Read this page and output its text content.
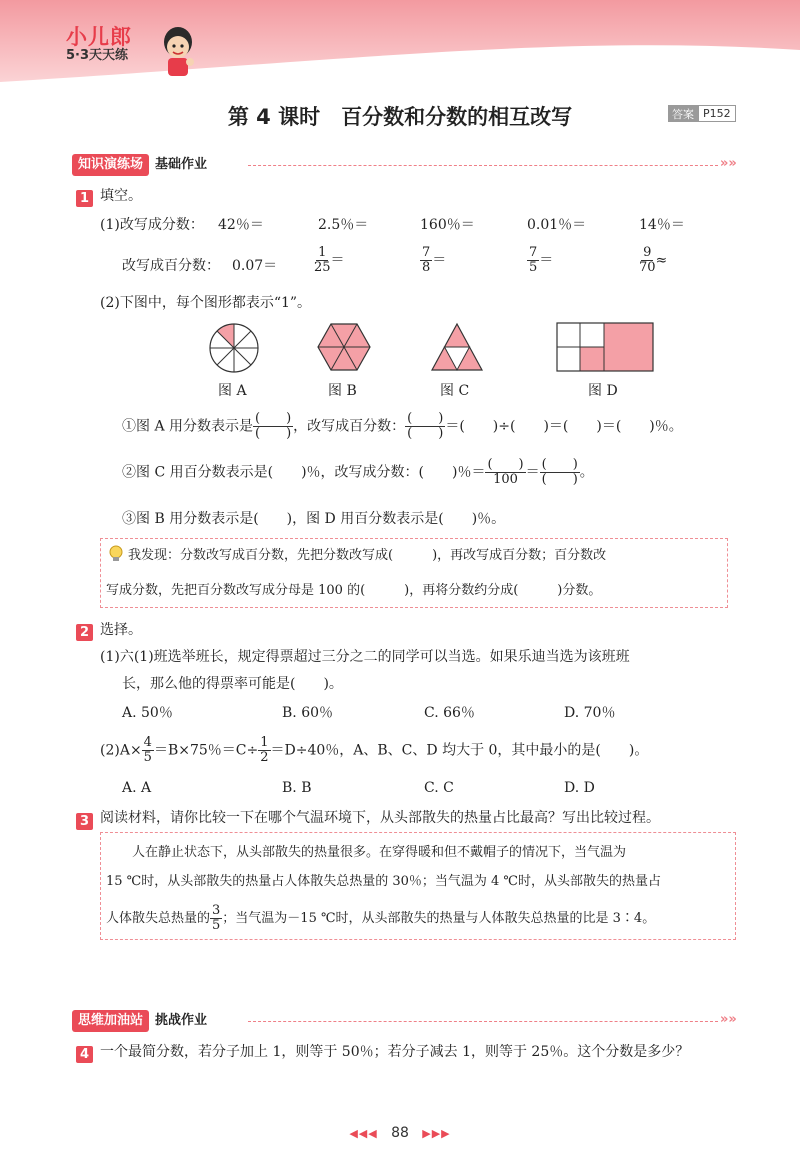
小儿郎
5·3天天练
第 4 课时　百分数和分数的相互改写	答案 P152
知识演练场 基础作业	»»
1 填空。
(1)改写成分数： 42％＝	2.5％＝	160％＝	0.01％＝	14％＝
改写成百分数： 0.07＝	$\frac{1}{25}$ ＝	$\frac{7}{8}$ ＝	$\frac{7}{5}$ ＝	$\frac{9}{70}$ ≈
(2)下图中，每个图形都表示“1”。
图 A	图 B	图 C	图 D
①图 A 用分数表示是 $\frac{( )}{( )}$ ，改写成百分数： $\frac{( )}{( )}$ ＝(　　)÷(　　)＝(　　)＝(　　)％。
②图 C 用百分数表示是(　　)％，改写成分数：(　　)％＝ $\frac{( )}{100} = \frac{( )}{( )}$ 。
③图 B 用分数表示是(　　)，图 D 用百分数表示是(　　)％。
我发现：分数改写成百分数，先把分数改写成(　　　)，再改写成百分数；百分数改
写成分数，先把百分数改写成分母是 100 的(　　　)，再将分数约分成(　　　)分数。
2 选择。
(1)六(1)班选举班长，规定得票超过三分之二的同学可以当选。如果乐迪当选为该班班
长，那么他的得票率可能是(　　)。
A. 50％	B. 60％	C. 66％	D. 70％
$(2)A\times \frac{4}{5} =B\times 75$％$=C\div \frac{1}{2} =D\div 40$％，A、B、C、D 均大于 0，其中最小的是(　　)。
A. A	B. B	C. C	D. D
3 阅读材料，请你比较一下在哪个气温环境下，从头部散失的热量占比最高？写出比较过程。
人在静止状态下，从头部散失的热量很多。在穿得暖和但不戴帽子的情况下，当气温为
15 ℃时，从头部散失的热量占人体散失总热量的 30％；当气温为 4 ℃时，从头部散失的热量占
人体散失总热量的 $\frac{3}{5}$ ；当气温为－15 ℃时，从头部散失的热量与人体散失总热量的比是 3∶4。
思维加油站 挑战作业	»»
4 一个最简分数，若分子加上 1，则等于 50％；若分子减去 1，则等于 25％。这个分数是多少？
◀◀◀ 88 ▶▶▶
